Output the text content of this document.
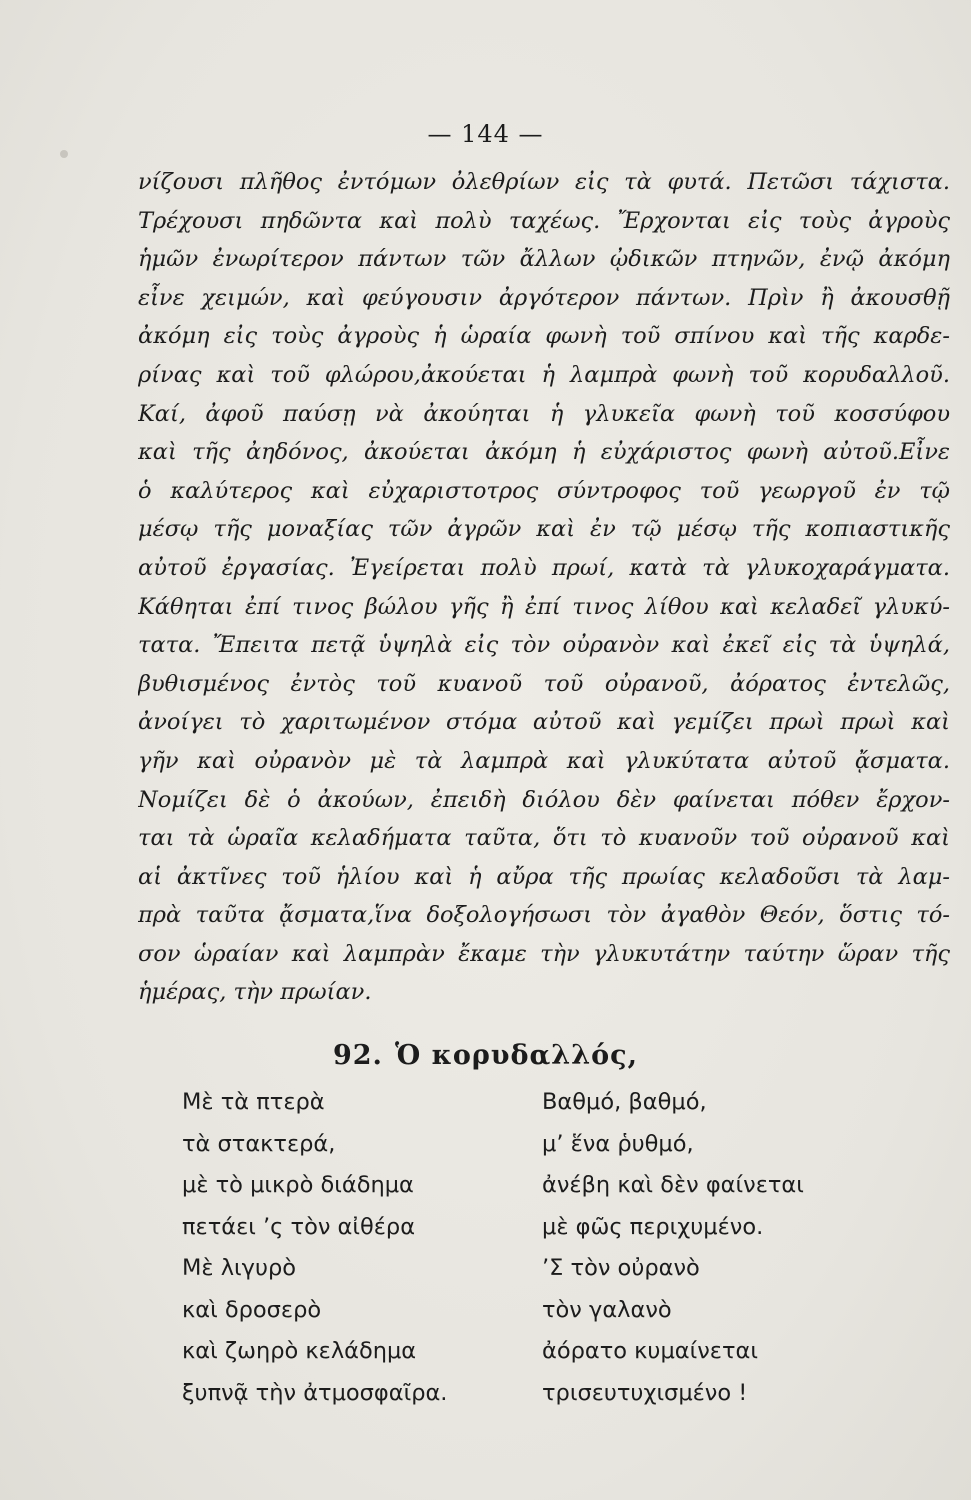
— 144 —
νίζουσι πλῆθος ἐντόμων ὀλεθρίων εἰς τὰ φυτά. Πετῶσι τάχιστα.
Τρέχουσι πηδῶντα καὶ πολὺ ταχέως. Ἔρχονται εἰς τοὺς ἀγροὺς
ἡμῶν ἐνωρίτερον πάντων τῶν ἄλλων ᾠδικῶν πτηνῶν, ἐνῷ ἀκόμη
εἶνε χειμών, καὶ φεύγουσιν ἀργότερον πάντων. Πρὶν ἢ ἀκουσθῇ
ἀκόμη εἰς τοὺς ἀγροὺς ἡ ὡραία φωνὴ τοῦ σπίνου καὶ τῆς καρδε-
ρίνας καὶ τοῦ φλώρου,ἀκούεται ἡ λαμπρὰ φωνὴ τοῦ κορυδαλλοῦ.
Καί, ἀφοῦ παύσῃ νὰ ἀκούηται ἡ γλυκεῖα φωνὴ τοῦ κοσσύφου
καὶ τῆς ἀηδόνος, ἀκούεται ἀκόμη ἡ εὐχάριστος φωνὴ αὐτοῦ.Εἶνε
ὁ καλύτερος καὶ εὐχαριστοτρος σύντροφος τοῦ γεωργοῦ ἐν τῷ
μέσῳ τῆς μοναξίας τῶν ἀγρῶν καὶ ἐν τῷ μέσῳ τῆς κοπιαστικῆς
αὐτοῦ ἐργασίας. Ἐγείρεται πολὺ πρωί, κατὰ τὰ γλυκοχαράγματα.
Κάθηται ἐπί τινος βώλου γῆς ἢ ἐπί τινος λίθου καὶ κελαδεῖ γλυκύ-
τατα. Ἔπειτα πετᾷ ὑψηλὰ εἰς τὸν οὐρανὸν καὶ ἐκεῖ εἰς τὰ ὑψηλά,
βυθισμένος ἐντὸς τοῦ κυανοῦ τοῦ οὐρανοῦ, ἀόρατος ἐντελῶς,
ἀνοίγει τὸ χαριτωμένον στόμα αὐτοῦ καὶ γεμίζει πρωὶ πρωὶ καὶ
γῆν καὶ οὐρανὸν μὲ τὰ λαμπρὰ καὶ γλυκύτατα αὐτοῦ ᾄσματα.
Νομίζει δὲ ὁ ἀκούων, ἐπειδὴ διόλου δὲν φαίνεται πόθεν ἔρχον-
ται τὰ ὡραῖα κελαδήματα ταῦτα, ὅτι τὸ κυανοῦν τοῦ οὐρανοῦ καὶ
αἱ ἀκτῖνες τοῦ ἡλίου καὶ ἡ αὔρα τῆς πρωίας κελαδοῦσι τὰ λαμ-
πρὰ ταῦτα ᾄσματα,ἵνα δοξολογήσωσι τὸν ἀγαθὸν Θεόν, ὅστις τό-
σον ὡραίαν καὶ λαμπρὰν ἔκαμε τὴν γλυκυτάτην ταύτην ὥραν τῆς
ἡμέρας, τὴν πρωίαν.
92. Ὁ κορυδαλλός,
Μὲ τὰ πτερὰ
τὰ στακτερά,
μὲ τὸ μικρὸ διάδημα
πετάει ’ς τὸν αἰθέρα
Μὲ λιγυρὸ
καὶ δροσερὸ
καὶ ζωηρὸ κελάδημα
ξυπνᾷ τὴν ἀτμοσφαῖρα.
Βαθμό, βαθμό,
μ’ ἕνα ῥυθμό,
ἀνέβη καὶ δὲν φαίνεται
μὲ φῶς περιχυμένο.
’Σ τὸν οὐρανὸ
τὸν γαλανὸ
ἀόρατο κυμαίνεται
τρισευτυχισμένο !
